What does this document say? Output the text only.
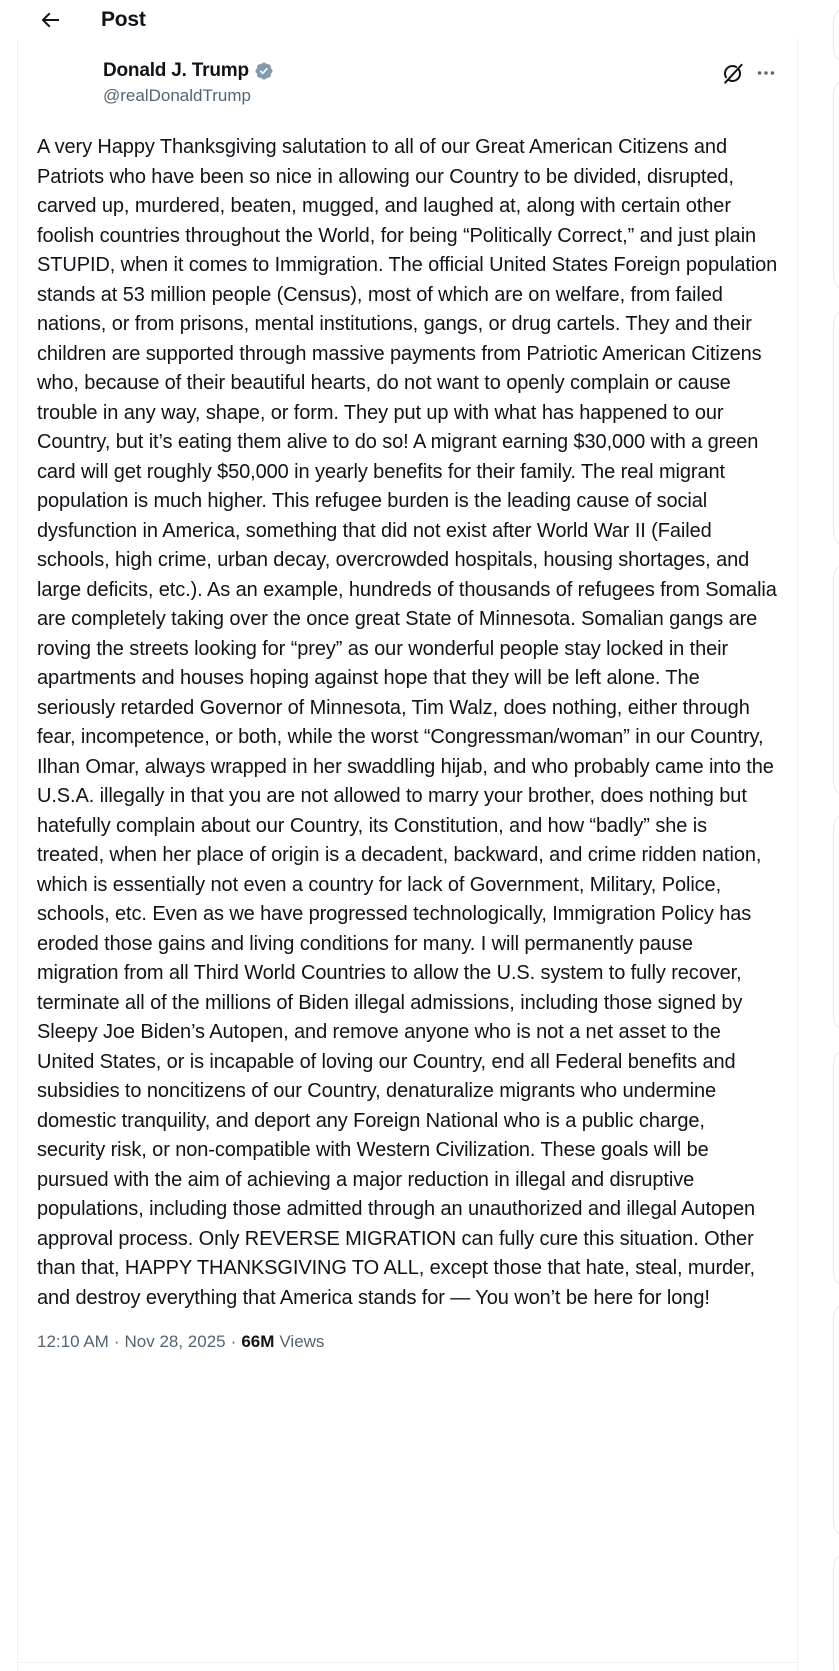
Post
Donald J. Trump
@realDonaldTrump
A very Happy Thanksgiving salutation to all of our Great American Citizens and Patriots who have been so nice in allowing our Country to be divided, disrupted, carved up, murdered, beaten, mugged, and laughed at, along with certain other foolish countries throughout the World, for being “Politically Correct,” and just plain STUPID, when it comes to Immigration. The official United States Foreign population stands at 53 million people (Census), most of which are on welfare, from failed nations, or from prisons, mental institutions, gangs, or drug cartels. They and their children are supported through massive payments from Patriotic American Citizens who, because of their beautiful hearts, do not want to openly complain or cause trouble in any way, shape, or form. They put up with what has happened to our Country, but it’s eating them alive to do so! A migrant earning $30,000 with a green card will get roughly $50,000 in yearly benefits for their family. The real migrant population is much higher. This refugee burden is the leading cause of social dysfunction in America, something that did not exist after World War II (Failed schools, high crime, urban decay, overcrowded hospitals, housing shortages, and large deficits, etc.). As an example, hundreds of thousands of refugees from Somalia are completely taking over the once great State of Minnesota. Somalian gangs are roving the streets looking for “prey” as our wonderful people stay locked in their apartments and houses hoping against hope that they will be left alone. The seriously retarded Governor of Minnesota, Tim Walz, does nothing, either through fear, incompetence, or both, while the worst “Congressman/woman” in our Country, Ilhan Omar, always wrapped in her swaddling hijab, and who probably came into the U.S.A. illegally in that you are not allowed to marry your brother, does nothing but hatefully complain about our Country, its Constitution, and how “badly” she is treated, when her place of origin is a decadent, backward, and crime ridden nation, which is essentially not even a country for lack of Government, Military, Police, schools, etc. Even as we have progressed technologically, Immigration Policy has eroded those gains and living conditions for many. I will permanently pause migration from all Third World Countries to allow the U.S. system to fully recover, terminate all of the millions of Biden illegal admissions, including those signed by Sleepy Joe Biden’s Autopen, and remove anyone who is not a net asset to the United States, or is incapable of loving our Country, end all Federal benefits and subsidies to noncitizens of our Country, denaturalize migrants who undermine domestic tranquility, and deport any Foreign National who is a public charge, security risk, or non-compatible with Western Civilization. These goals will be pursued with the aim of achieving a major reduction in illegal and disruptive populations, including those admitted through an unauthorized and illegal Autopen approval process. Only REVERSE MIGRATION can fully cure this situation. Other than that, HAPPY THANKSGIVING TO ALL, except those that hate, steal, murder, and destroy everything that America stands for — You won’t be here for long!
12:10 AM · Nov 28, 2025 · 66M Views
